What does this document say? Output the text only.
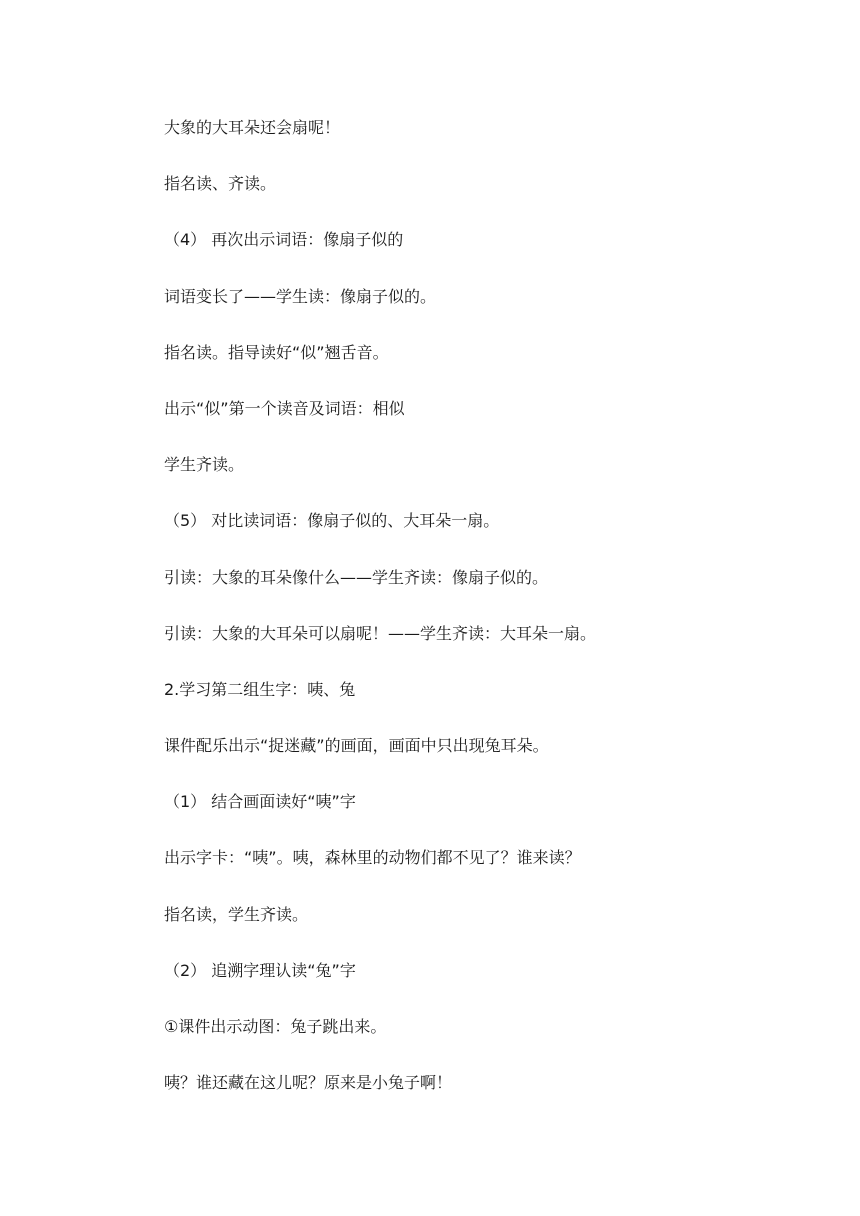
大象的大耳朵还会扇呢！
指名读、齐读。
（4） 再次出示词语：像扇子似的
词语变长了——学生读：像扇子似的。
指名读。指导读好“似”翘舌音。
出示“似”第一个读音及词语：相似
学生齐读。
（5） 对比读词语：像扇子似的、大耳朵一扇。
引读：大象的耳朵像什么——学生齐读：像扇子似的。
引读：大象的大耳朵可以扇呢！——学生齐读：大耳朵一扇。
2.学习第二组生字：咦、兔
课件配乐出示“捉迷藏”的画面，画面中只出现兔耳朵。
（1） 结合画面读好“咦”字
出示字卡：“咦”。咦，森林里的动物们都不见了？谁来读？
指名读，学生齐读。
（2） 追溯字理认读“兔”字
①课件出示动图：兔子跳出来。
咦？谁还藏在这儿呢？原来是小兔子啊！
